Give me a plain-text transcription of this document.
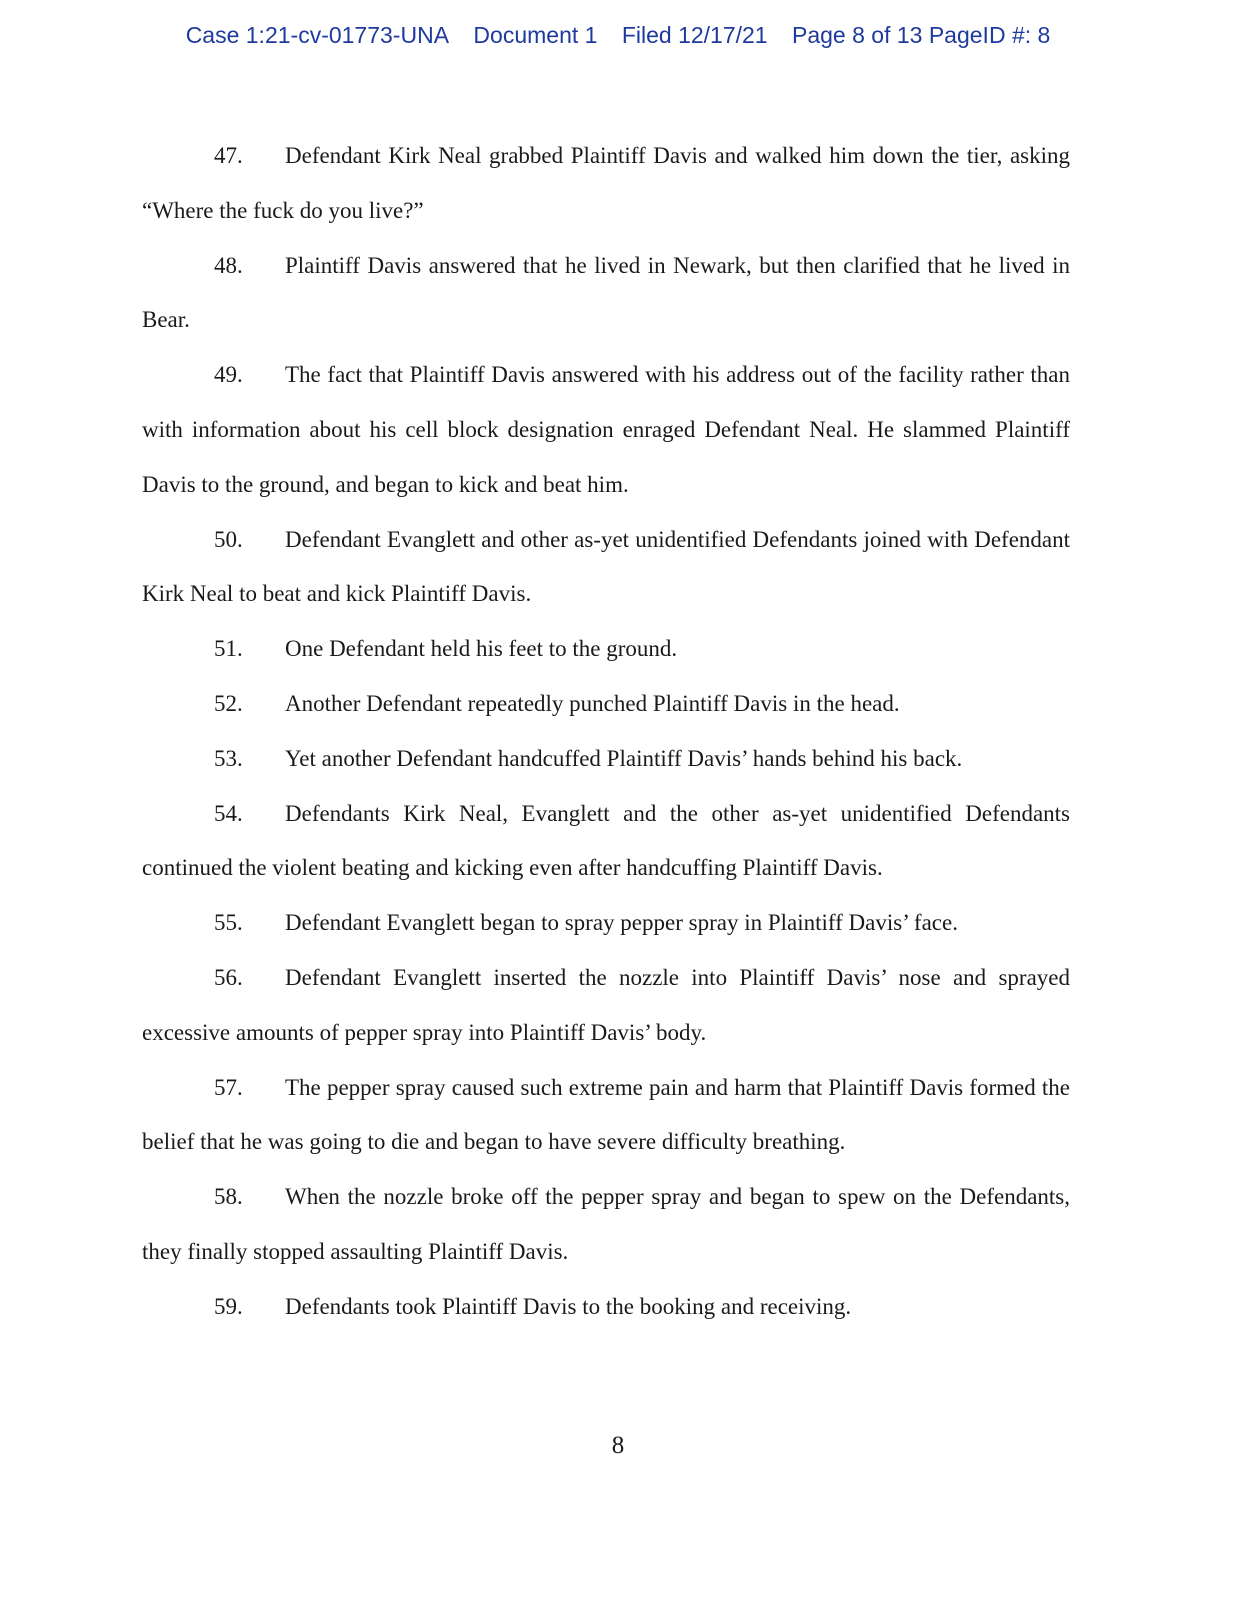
Case 1:21-cv-01773-UNA Document 1 Filed 12/17/21 Page 8 of 13 PageID #: 8

47. Defendant Kirk Neal grabbed Plaintiff Davis and walked him down the tier, asking “Where the fuck do you live?”

48. Plaintiff Davis answered that he lived in Newark, but then clarified that he lived in Bear.

49. The fact that Plaintiff Davis answered with his address out of the facility rather than with information about his cell block designation enraged Defendant Neal. He slammed Plaintiff Davis to the ground, and began to kick and beat him.

50. Defendant Evanglett and other as-yet unidentified Defendants joined with Defendant Kirk Neal to beat and kick Plaintiff Davis.

51. One Defendant held his feet to the ground.

52. Another Defendant repeatedly punched Plaintiff Davis in the head.

53. Yet another Defendant handcuffed Plaintiff Davis’ hands behind his back.

54. Defendants Kirk Neal, Evanglett and the other as-yet unidentified Defendants continued the violent beating and kicking even after handcuffing Plaintiff Davis.

55. Defendant Evanglett began to spray pepper spray in Plaintiff Davis’ face.

56. Defendant Evanglett inserted the nozzle into Plaintiff Davis’ nose and sprayed excessive amounts of pepper spray into Plaintiff Davis’ body.

57. The pepper spray caused such extreme pain and harm that Plaintiff Davis formed the belief that he was going to die and began to have severe difficulty breathing.

58. When the nozzle broke off the pepper spray and began to spew on the Defendants, they finally stopped assaulting Plaintiff Davis.

59. Defendants took Plaintiff Davis to the booking and receiving.

8
